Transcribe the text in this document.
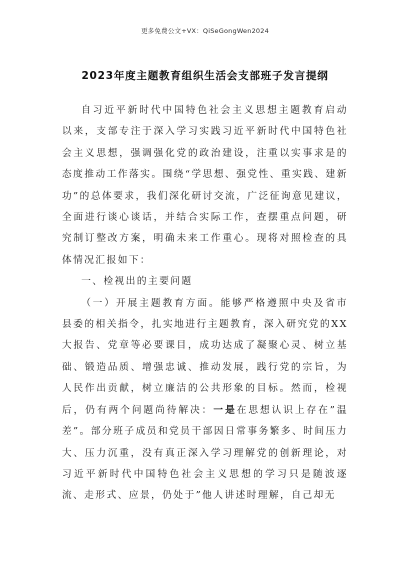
更多免费公文+VX：QiSeGongWen2024
2023年度主题教育组织生活会支部班子发言提纲

自习近平新时代中国特色社会主义思想主题教育启动以来，支部专注于深入学习实践习近平新时代中国特色社会主义思想，强调强化党的政治建设，注重以实事求是的态度推动工作落实。围绕“学思想、强党性、重实践、建新功”的总体要求，我们深化研讨交流，广泛征询意见建议，全面进行谈心谈话，并结合实际工作，查摆重点问题，研究制订整改方案，明确未来工作重心。现将对照检查的具体情况汇报如下：

一、检视出的主要问题

（一）开展主题教育方面。能够严格遵照中央及省市县委的相关指令，扎实地进行主题教育，深入研究党的XX大报告、党章等必要课目，成功达成了凝聚心灵、树立基础、锻造品质、增强忠诚、推动发展，践行党的宗旨，为人民作出贡献，树立廉洁的公共形象的目标。然而，检视后，仍有两个问题尚待解决：一是在思想认识上存在”温差”。部分班子成员和党员干部因日常事务繁多、时间压力大、压力沉重，没有真正深入学习理解党的创新理论，对习近平新时代中国特色社会主义思想的学习只是随波逐流、走形式、应景，仍处于”他人讲述时理解，自己却无
